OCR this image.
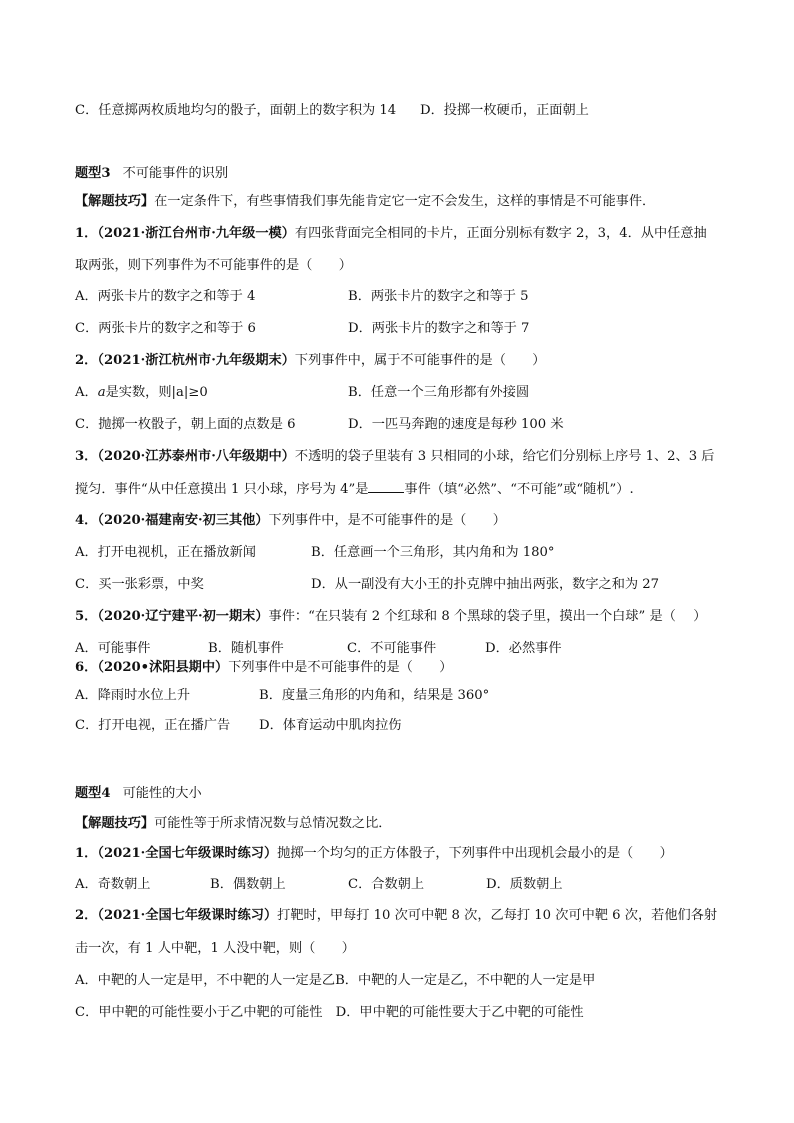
C．任意掷两枚质地均匀的骰子，面朝上的数字积为 14 D．投掷一枚硬币，正面朝上
题型3 不可能事件的识别
【解题技巧】在一定条件下，有些事情我们事先能肯定它一定不会发生，这样的事情是不可能事件．
1．（2021·浙江台州市·九年级一模）有四张背面完全相同的卡片，正面分别标有数字 2，3，4．从中任意抽
取两张，则下列事件为不可能事件的是（　　）
A．两张卡片的数字之和等于 4	B．两张卡片的数字之和等于 5
C．两张卡片的数字之和等于 6	D．两张卡片的数字之和等于 7
2．（2021·浙江杭州市·九年级期末）下列事件中，属于不可能事件的是（　　）
A．a是实数，则|a|≥0	B．任意一个三角形都有外接圆
C．抛掷一枚骰子，朝上面的点数是 6	D．一匹马奔跑的速度是每秒 100 米
3．（2020·江苏泰州市·八年级期中）不透明的袋子里装有 3 只相同的小球，给它们分别标上序号 1、2、3 后
搅匀．事件“从中任意摸出 1 只小球，序号为 4”是	事件（填“必然”、“不可能”或“随机”）.
4．（2020·福建南安·初三其他）下列事件中，是不可能事件的是（　　）
A．打开电视机，正在播放新闻	B．任意画一个三角形，其内角和为 180°
C．买一张彩票，中奖	D．从一副没有大小王的扑克牌中抽出两张，数字之和为 27
5．（2020·辽宁建平·初一期末）事件：“在只装有 2 个红球和 8 个黑球的袋子里，摸出一个白球” 是（　 ）
A．可能事件	B．随机事件	C．不可能事件	D．必然事件
6．（2020•沭阳县期中）下列事件中是不可能事件的是（　　）
A．降雨时水位上升	B．度量三角形的内角和，结果是 360°
C．打开电视，正在播广告 D．体育运动中肌肉拉伤
题型4 可能性的大小
【解题技巧】可能性等于所求情况数与总情况数之比．
1．（2021·全国七年级课时练习）抛掷一个均匀的正方体骰子，下列事件中出现机会最小的是（　　）
A．奇数朝上	B．偶数朝上	C．合数朝上	D．质数朝上
2．（2021·全国七年级课时练习）打靶时，甲每打 10 次可中靶 8 次，乙每打 10 次可中靶 6 次，若他们各射
击一次，有 1 人中靶，1 人没中靶，则（　　）
A．中靶的人一定是甲，不中靶的人一定是乙B．中靶的人一定是乙，不中靶的人一定是甲
C．甲中靶的可能性要小于乙中靶的可能性　D．甲中靶的可能性要大于乙中靶的可能性
